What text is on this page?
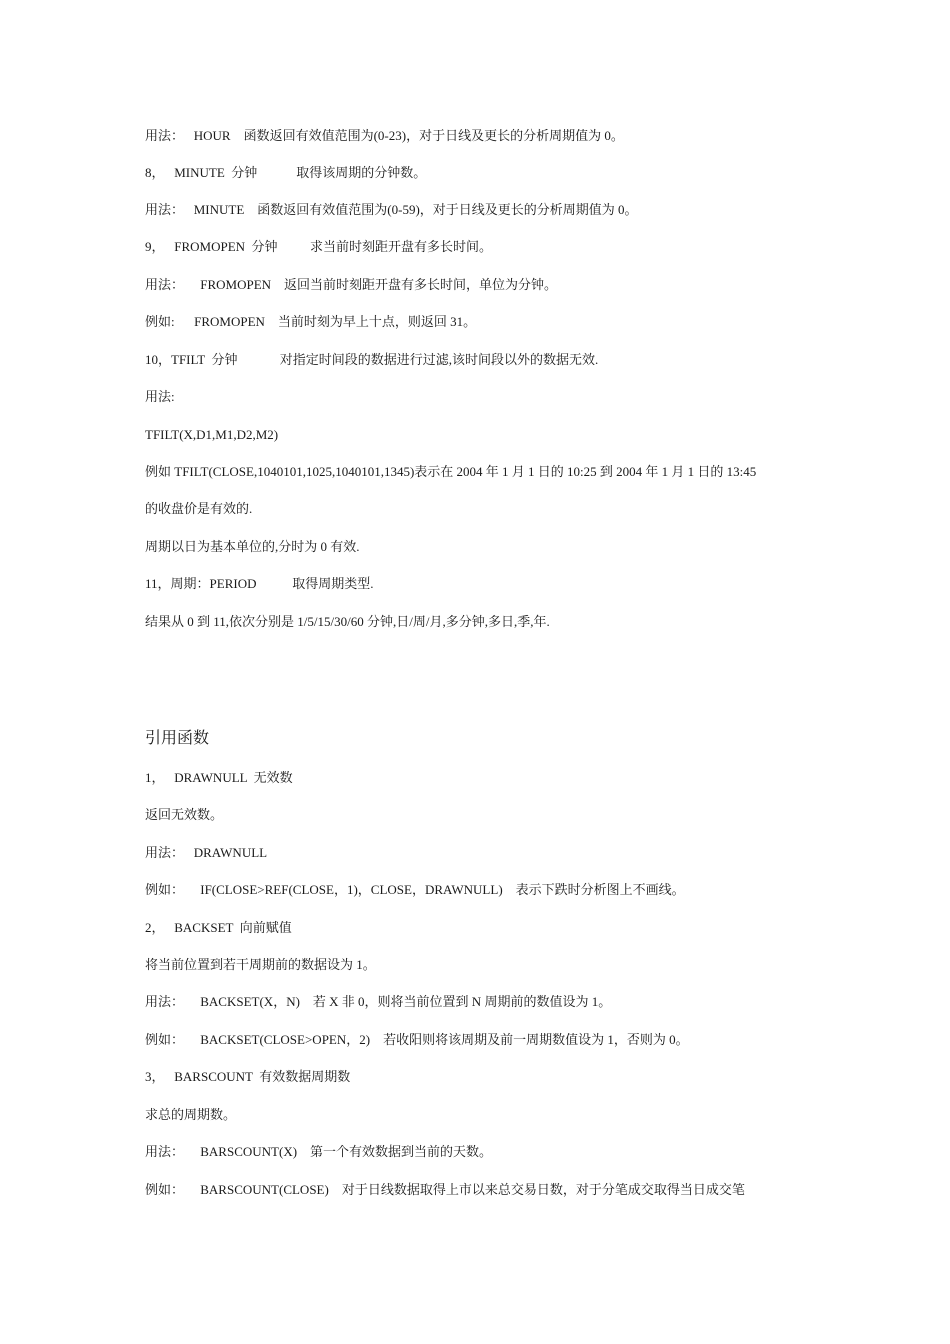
用法：   HOUR    函数返回有效值范围为(0-23)，对于日线及更长的分析周期值为 0。
8，   MINUTE  分钟            取得该周期的分钟数。
用法：   MINUTE    函数返回有效值范围为(0-59)，对于日线及更长的分析周期值为 0。
9，   FROMOPEN  分钟          求当前时刻距开盘有多长时间。
用法：     FROMOPEN    返回当前时刻距开盘有多长时间，单位为分钟。
例如:      FROMOPEN    当前时刻为早上十点，则返回 31。
10，TFILT  分钟             对指定时间段的数据进行过滤,该时间段以外的数据无效.
用法:
TFILT(X,D1,M1,D2,M2)
例如 TFILT(CLOSE,1040101,1025,1040101,1345)表示在 2004 年 1 月 1 日的 10:25 到 2004 年 1 月 1 日的 13:45
的收盘价是有效的.
周期以日为基本单位的,分时为 0 有效.
11，周期：PERIOD           取得周期类型.
结果从 0 到 11,依次分别是 1/5/15/30/60 分钟,日/周/月,多分钟,多日,季,年.
引用函数
1，   DRAWNULL  无效数
返回无效数。
用法：   DRAWNULL
例如：     IF(CLOSE>REF(CLOSE，1)，CLOSE，DRAWNULL)    表示下跌时分析图上不画线。
2，   BACKSET  向前赋值
将当前位置到若干周期前的数据设为 1。
用法：     BACKSET(X，N)    若 X 非 0，则将当前位置到 N 周期前的数值设为 1。
例如：     BACKSET(CLOSE>OPEN，2)    若收阳则将该周期及前一周期数值设为 1，否则为 0。
3，   BARSCOUNT  有效数据周期数
求总的周期数。
用法：     BARSCOUNT(X)    第一个有效数据到当前的天数。
例如：     BARSCOUNT(CLOSE)    对于日线数据取得上市以来总交易日数，对于分笔成交取得当日成交笔
